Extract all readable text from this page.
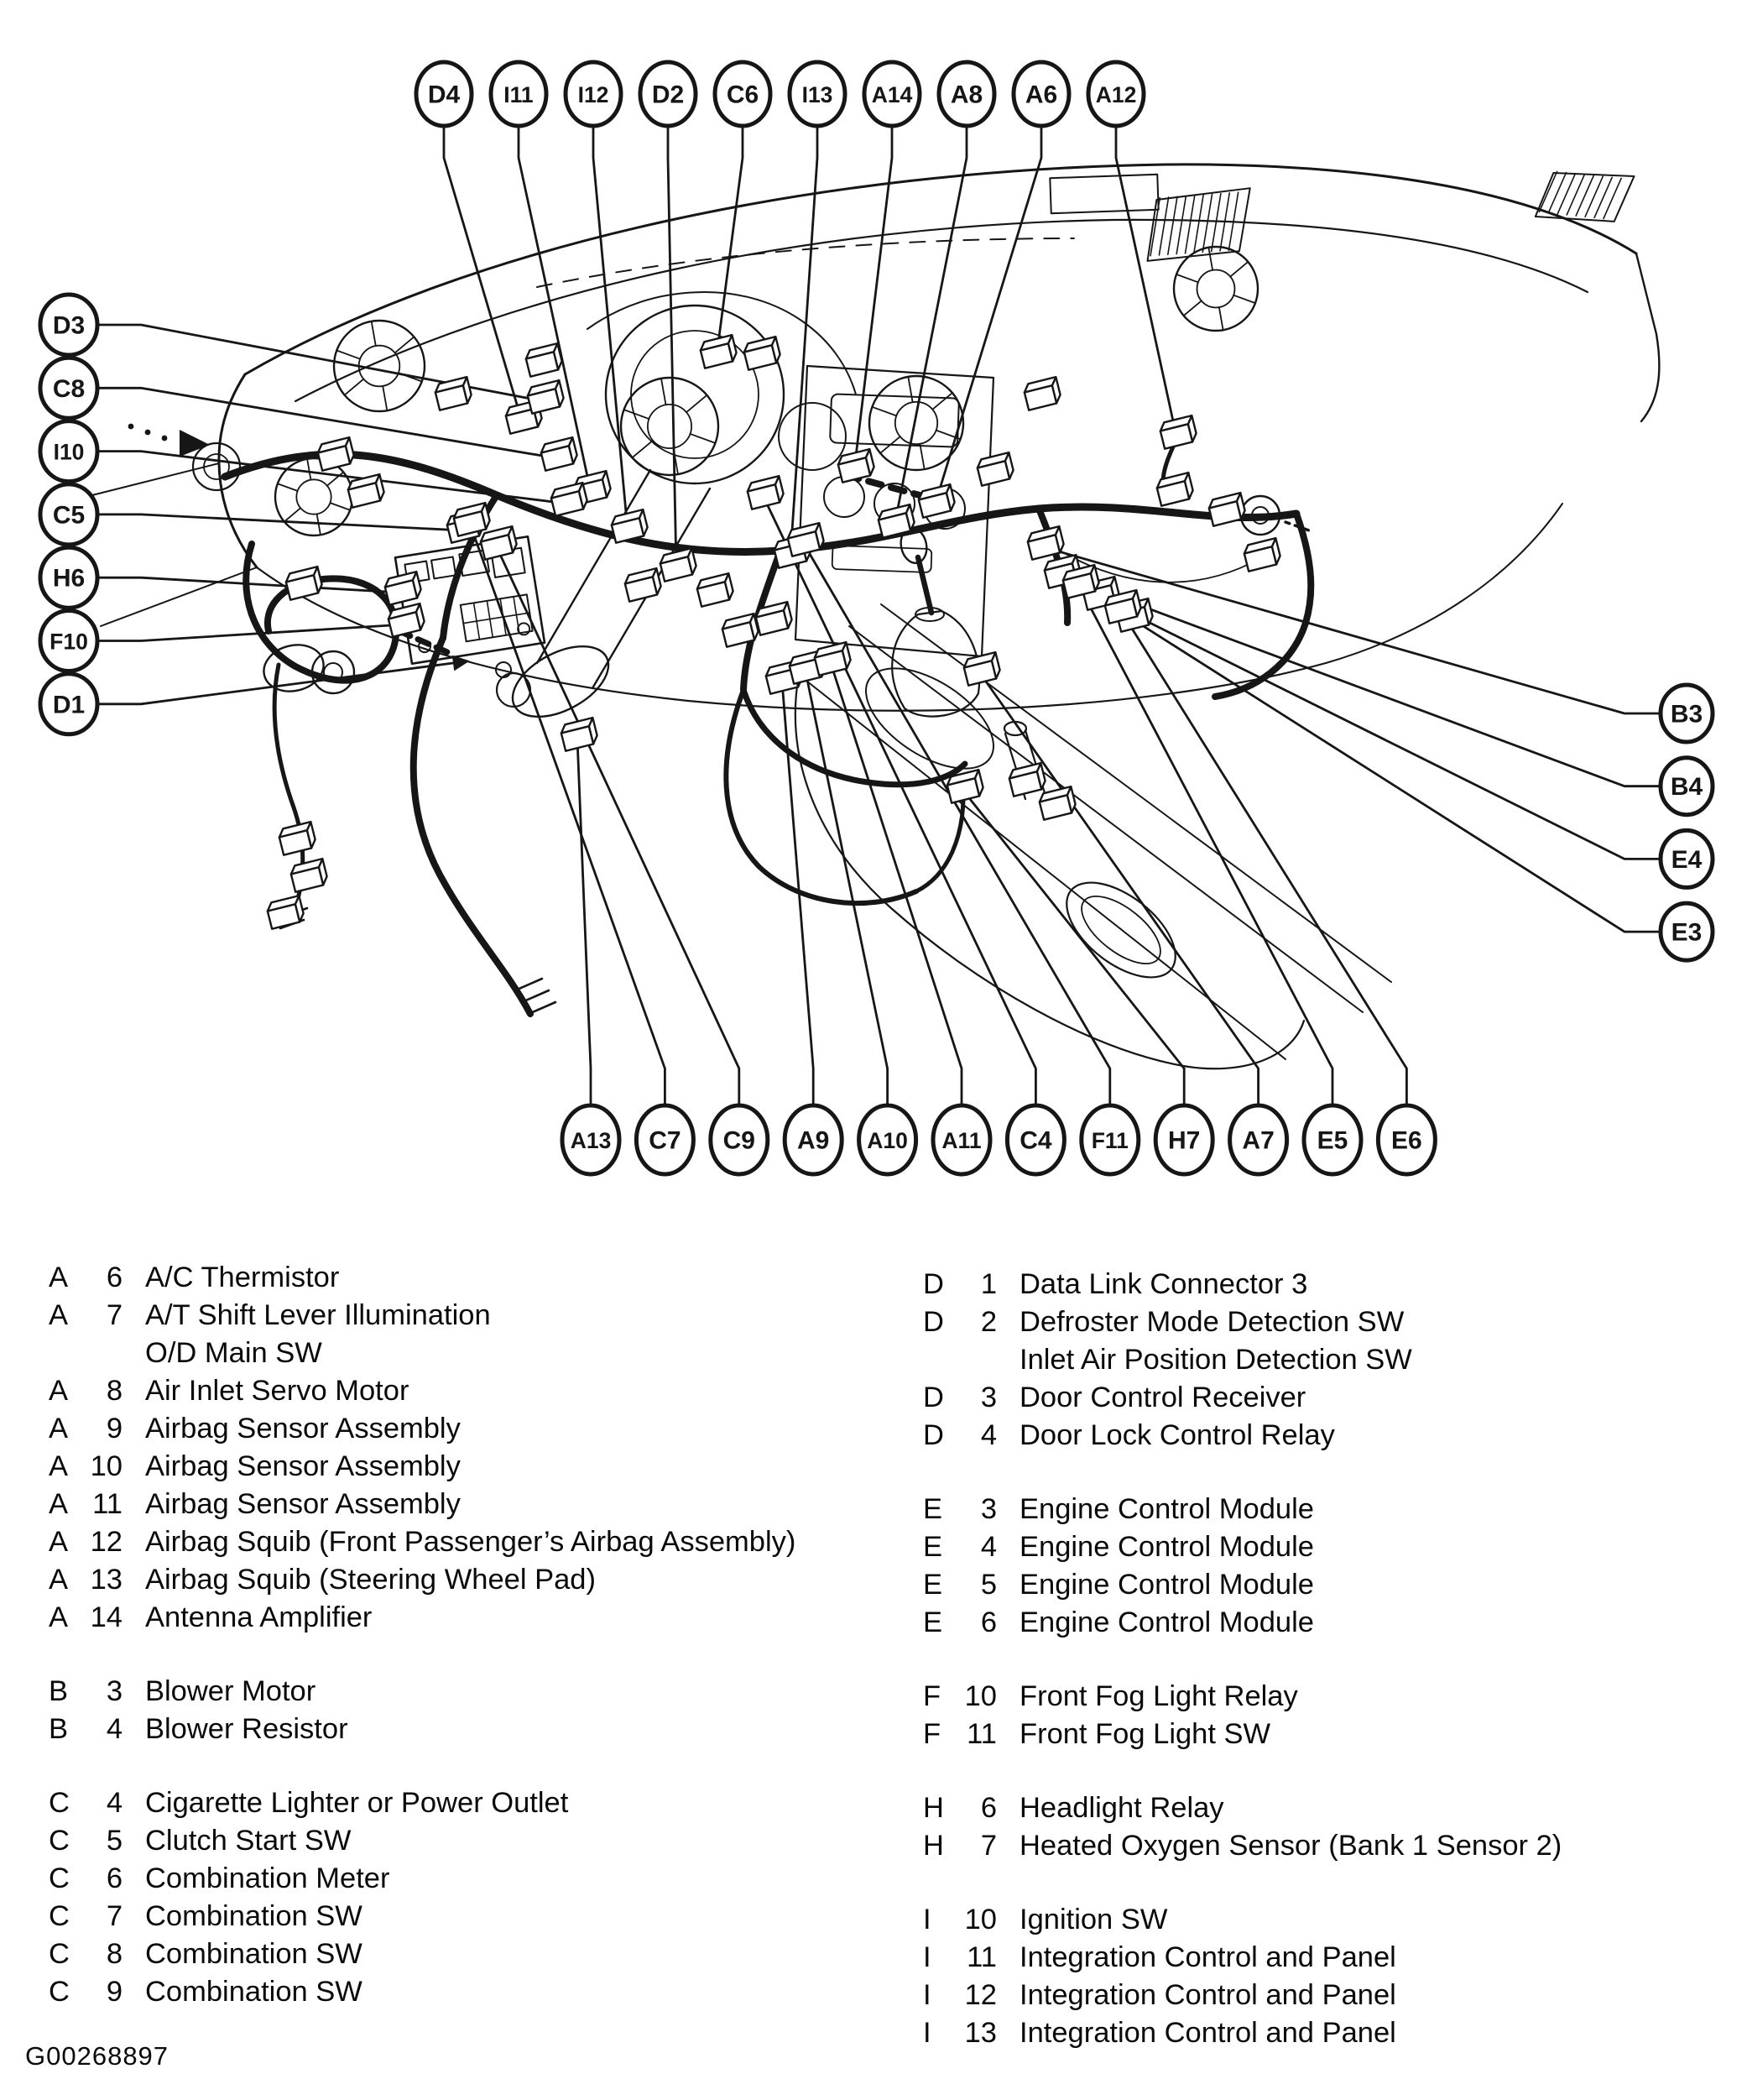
D4 I11 I12 D2 C6 I13 A14 A8 A6 A12
D3
C8
I10
C5
H6
F10
D1	B3
B4
E4
E3
A13 C7 C9 A9 A10 A11 C4 F11 H7 A7 E5 E6
A	6 A/C Thermistor
A	7 A/T Shift Lever Illumination
O/D Main SW
A	8 Air Inlet Servo Motor
A	9 Airbag Sensor Assembly
A 10 Airbag Sensor Assembly
A 11 Airbag Sensor Assembly
A 12 Airbag Squib (Front Passenger’s Airbag Assembly)
A 13 Airbag Squib (Steering Wheel Pad)
A 14 Antenna Amplifier
B	3 Blower Motor
B	4 Blower Resistor
C	4 Cigarette Lighter or Power Outlet
C	5 Clutch Start SW
C	6 Combination Meter
C	7 Combination SW
C	8 Combination SW
C	9 Combination SW
D	1 Data Link Connector 3
D	2 Defroster Mode Detection SW
Inlet Air Position Detection SW
D	3 Door Control Receiver
D	4 Door Lock Control Relay
E	3 Engine Control Module
E	4 Engine Control Module
E	5 Engine Control Module
E	6 Engine Control Module
F 10 Front Fog Light Relay
F 11 Front Fog Light SW
H	6 Headlight Relay
H	7 Heated Oxygen Sensor (Bank 1 Sensor 2)
I	10 Ignition SW
I	11 Integration Control and Panel
I	12 Integration Control and Panel
I	13 Integration Control and Panel
G00268897
